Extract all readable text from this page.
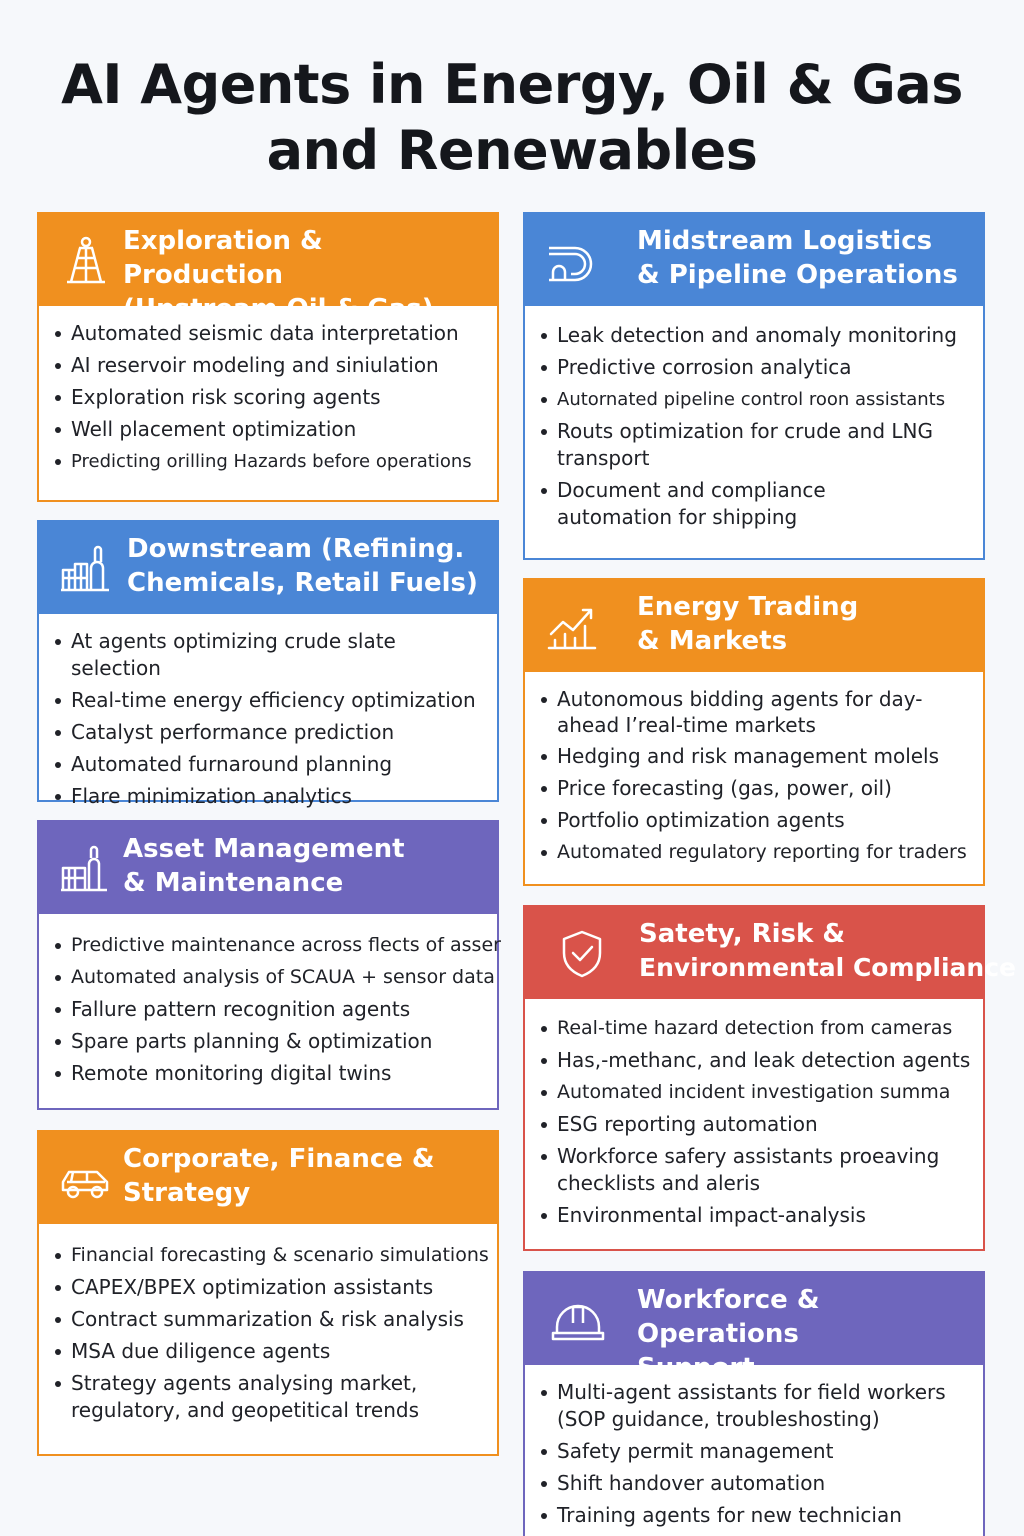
AI Agents in Energy, Oil & Gas
and Renewables
Exploration & Production
(Upstream Oil & Gas)
Automated seismic data interpretation
AI reservoir modeling and siniulation
Exploration risk scoring agents
Well placement optimization
Predicting orilling Hazards before operations
Midstream Logistics
& Pipeline Operations
Leak detection and anomaly monitoring
Predictive corrosion analytica
Autornated pipeline control roon assistants
Routs optimization for crude and LNG transport
Document and compliance automation for shipping
Downstream (Refining.
Chemicals, Retail Fuels)
At agents optimizing crude slate selection
Real-time energy efficiency optimization
Catalyst performance prediction
Automated furnaround planning
Flare minimization analytics
Energy Trading
& Markets
Autonomous bidding agents for day-ahead I’real-time markets
Hedging and risk management molels
Price forecasting (gas, power, oil)
Portfolio optimization agents
Automated regulatory reporting for traders
Asset Management
& Maintenance
Predictive maintenance across flects of asser
Automated analysis of SCAUA + sensor data
Fallure pattern recognition agents
Spare parts planning & optimization
Remote monitoring digital twins
Satety, Risk &
Environmental Compliance
Real-time hazard detection from cameras
Has,-methanc, and leak detection agents
Automated incident investigation summa
ESG reporting automation
Workforce safery assistants proeaving checklists and aleris
Environmental impact-analysis
Corporate, Finance &
Strategy
Financial forecasting & scenario simulations
CAPEX/BPEX optimization assistants
Contract summarization & risk analysis
MSA due diligence agents
Strategy agents analysing market, regulatory, and geopetitical trends
Workforce & Operations
Support
Multi-agent assistants for field workers (SOP guidance, troubleshosting)
Safety permit management
Shift handover automation
Training agents for new technician
